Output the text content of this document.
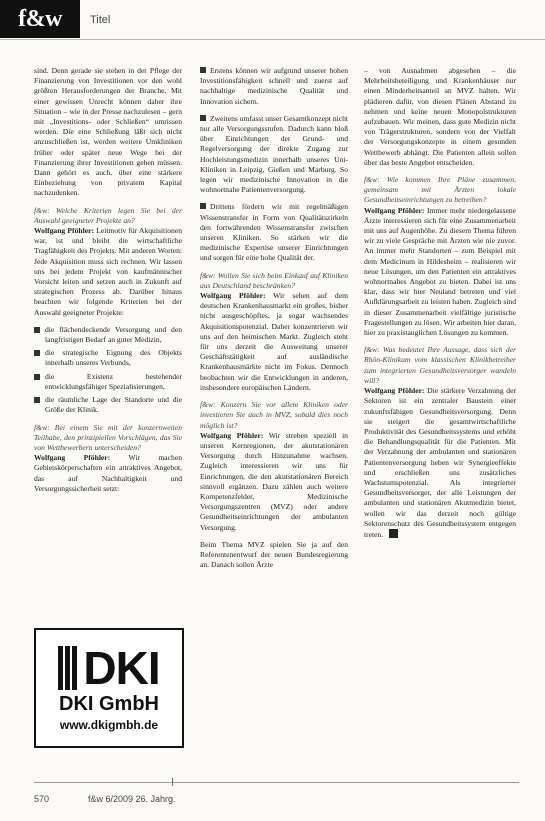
f&w	Titel

sind. Denn gerade sie stehen in der Pflege der Finanzierung von Investitionen vor den wohl größten Herausforderungen der Branche. Mit einer gewissen Unrecht können daher ihre Situation – wie in der Presse nachzulesen – gern mit „Investitions- oder Schließen“ umrissen werden. Die eine Schließung läßt sich nicht anzuschließen ist, werden weitere Umkliniken früher oder später neue Wege bei der Finanzierung ihrer Investitionen gehen müssen. Dann gehört es auch, über eine stärkere Einbeziehung von privatem Kapital nachzudenken.

f&w: Welche Kriterien legen Sie bei der Auswahl geeigneter Projekte an?
Wolfgang Pföhler: Leitmotiv für Akquisitionen war, ist und bleibt die wirtschaftliche Tragfähigkeit des Projekts. Mit anderen Worten: Jede Akquisition muss sich rechnen. Wir lassen uns bei jedem Projekt von kaufmännischer Vorsicht leiten und setzen auch in Zukunft auf strategischen Prozess ab. Darüber hinaus beachten wir folgende Kriterien bei der Auswahl geeigneter Projekte:

die flächendeckende Versorgung und den langfristigen Bedarf an guter Medizin,
die strategische Eignung des Objekts innerhalb unseres Verbunds,
die Existenz bestehender entwicklungsfähiger Spezialisierungen,
die räumliche Lage der Standorte und die Größe der Klinik.

f&w: Bei einem Sie mit der konzernweiten Teilhabe, den prinzipiellen Vorschlägen, das Sie von Wettbewerbern unterscheiden?
Wolfgang Pföhler: Wir machen Gebietskörperschaften ein attraktives Angebot, das auf Nachhaltigkeit und Versorgungssicherheit setzt:

DKI
DKI GmbH
www.dkigmbh.de

Erstens können wir aufgrund unserer hohen Investitionsfähigkeit schnell und zuerst auf nachhaltige medizinische Qualität und Innovation sichern.

Zweitens umfasst unser Gesamtkonzept nicht nur alle Versorgungsstufen. Dadurch kann bloß über Einrichtungen der Grund- und Regelversorgung der direkte Zugang zur Hochleistungsmedizin innerhalb unseres Uni-Kliniken in Leipzig, Gießen und Marburg. So legen wir medizinische Innovation in die wohnortnahe Patientenversorgung.

Drittens fördern wir mit regelmäßigen Wissenstransfer in Form von Qualitätszirkeln den fortwährenden Wissenstransfer zwischen unseren Kliniken. So stärken wir die medizinische Expertise unserer Einrichtungen und sorgen für eine hohe Qualität der.

f&w: Wollen Sie sich beim Einkauf auf Kliniken aus Deutschland beschränken?
Wolfgang Pföhler: Wir sehen auf dem deutschen Krankenhausmarkt ein großes, bisher nicht ausgeschöpftes, ja sogar wachsendes Akquisitionspotenzial. Daher konzentrieren wir uns auf den heimischen Markt. Zugleich steht für uns derzeit die Ausweitung unserer Geschäftstätigkeit auf ausländische Krankenhausmärkte nicht im Fokus. Dennoch beobachten wir die Entwicklungen in anderen, insbesondere europäischen Ländern.

f&w: Konzern Sie vor allem Kliniken oder investieren Sie auch in MVZ, sobald dies noch möglich ist?
Wolfgang Pföhler: Wir streben speziell in unseren Kernregionen, der akutstationären Versorgung durch Hinzunahme wachsen. Zugleich interessieren wir uns für Einrichtungen, die den akutstationären Bereich sinnvoll ergänzen. Dazu zählen auch weitere Kompetenzfelder, Medizinische Versorgungszentren (MVZ) oder andere Gesundheitseinrichtungen der ambulanten Versorgung.

Beim Thema MVZ spielen Sie ja auf den Referentenentwurf der neuen Bundesregierung an. Danach sollen Ärzte

– von Ausnahmen abgesehen – die Mehrheitsbeteiligung und Krankenhäuser nur einen Minderheitsanteil an MVZ halten. Wir plädieren dafür, von diesen Plänen Abstand zu nehmen und keine neuen Monopolstrukturen aufzubauen. Wir meinen, dass gute Medizin nicht von Trägerstrukturen, sondern von der Vielfalt der Versorgungskonzepte in einem gesunden Wettbewerb abhängt. Die Patienten allein sollen über das beste Angebot entscheiden.

f&w: Wie kommen Ihre Pläne zusammen, gemeinsam mit Ärzten lokale Gesundheitseinrichtungen zu betreiben?
Wolfgang Pföhler: Immer mehr niedergelassene Ärzte interessieren sich für eine Zusammenarbeit mit uns auf Augenhöhe. Zu diesem Thema führen wir zu viele Gespräche mit Ärzten wie nie zuvor. An immer mehr Standorten – zum Beispiel mit dem Medicinum in Hildesheim – realisieren wir neue Lösungen, um den Patienten ein attraktives wohnortnahes Angebot zu bieten. Dabei ist uns klar, dass wir hier Neuland betreten und viel Aufklärungsarbeit zu leisten haben. Zugleich sind in dieser Zusammenarbeit vielfältige juristische Fragestellungen zu lösen. Wir arbeiten hier daran, hier zu praxistauglichen Lösungen zu kommen.

f&w: Was bedeutet Ihre Aussage, dass sich der Rhön-Klinikum vom klassischen Klinikbetreiber zum integrierten Gesundheitsversorger wandeln will?
Wolfgang Pföhler: Die stärkere Verzahnung der Sektoren ist ein zentraler Baustein einer zukunftsfähigen Gesundheitsversorgung. Denn sie steigert die gesamtwirtschaftliche Produktivität des Gesundheitssystems und erhöht die Behandlungsqualität für die Patienten. Mit der Verzahnung der ambulanten und stationären Patientenversorgung heben wir Synergieeffekte und erschließen uns zusätzliches Wachstumspotenzial. Als integrierter Gesundheitsversorger, der alle Leistungen der ambulanten und stationären Akutmedizin bietet, wollen wir das derzeit noch gültige Sektorenschutz des Gesundheitssystem entgegen treten.

570	f&w 6/2009 26. Jahrg.
